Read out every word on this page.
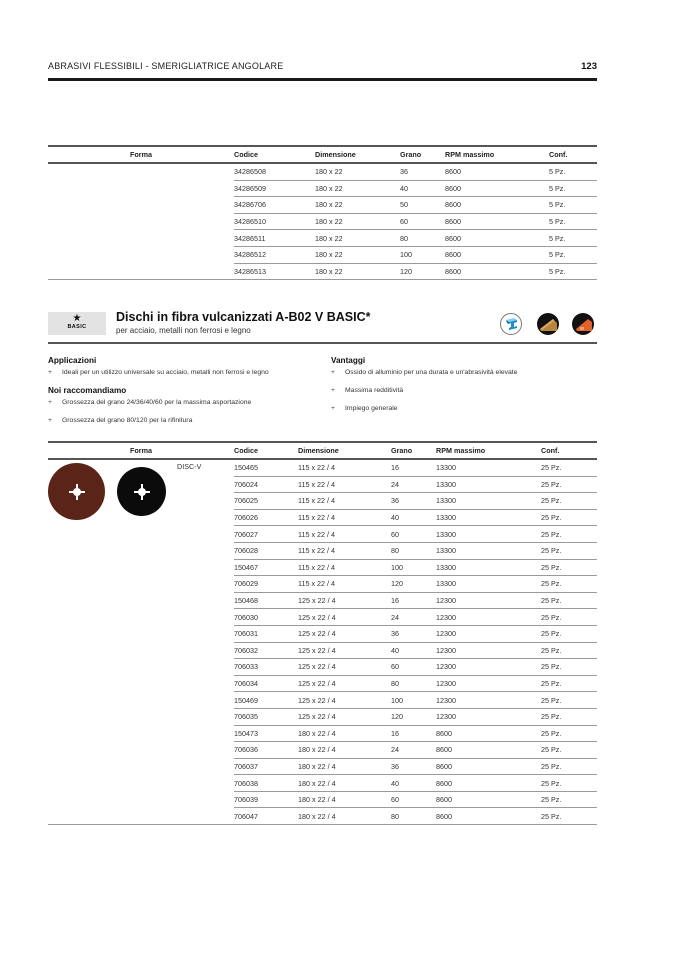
ABRASIVI FLESSIBILI - SMERIGLIATRICE ANGOLARE	123
Forma	Codice	Dimensione	Grano	RPM massimo	Conf.
	34286508	180 x 22	36	8600	5 Pz.
	34286509	180 x 22	40	8600	5 Pz.
	34286706	180 x 22	50	8600	5 Pz.
	34286510	180 x 22	60	8600	5 Pz.
	34286511	180 x 22	80	8600	5 Pz.
	34286512	180 x 22	100	8600	5 Pz.
	34286513	180 x 22	120	8600	5 Pz.
★
BASIC
Dischi in fibra vulcanizzati A-B02 V BASIC*
per acciaio, metalli non ferrosi e legno
Applicazioni
+ Ideali per un utilizzo universale su acciaio, metalli non ferrosi e legno
Noi raccomandiamo
+ Grossezza del grano 24/36/40/60 per la massima asportazione
+ Grossezza del grano 80/120 per la rifinitura
Vantaggi
+ Ossido di alluminio per una durata e un'abrasività elevate
+ Massima redditività
+ Impiego generale
Forma	Codice	Dimensione	Grano	RPM massimo	Conf.
	150465	115 x 22 / 4	16	13300	25 Pz.
	706024	115 x 22 / 4	24	13300	25 Pz.
	706025	115 x 22 / 4	36	13300	25 Pz.
	706026	115 x 22 / 4	40	13300	25 Pz.
	706027	115 x 22 / 4	60	13300	25 Pz.
	706028	115 x 22 / 4	80	13300	25 Pz.
	150467	115 x 22 / 4	100	13300	25 Pz.
	706029	115 x 22 / 4	120	13300	25 Pz.
	150468	125 x 22 / 4	16	12300	25 Pz.
	706030	125 x 22 / 4	24	12300	25 Pz.
	706031	125 x 22 / 4	36	12300	25 Pz.
	706032	125 x 22 / 4	40	12300	25 Pz.
	706033	125 x 22 / 4	60	12300	25 Pz.
	706034	125 x 22 / 4	80	12300	25 Pz.
	150469	125 x 22 / 4	100	12300	25 Pz.
	706035	125 x 22 / 4	120	12300	25 Pz.
	150473	180 x 22 / 4	16	8600	25 Pz.
	706036	180 x 22 / 4	24	8600	25 Pz.
	706037	180 x 22 / 4	36	8600	25 Pz.
	706038	180 x 22 / 4	40	8600	25 Pz.
	706039	180 x 22 / 4	60	8600	25 Pz.
	706047	180 x 22 / 4	80	8600	25 Pz.
DISC-V
